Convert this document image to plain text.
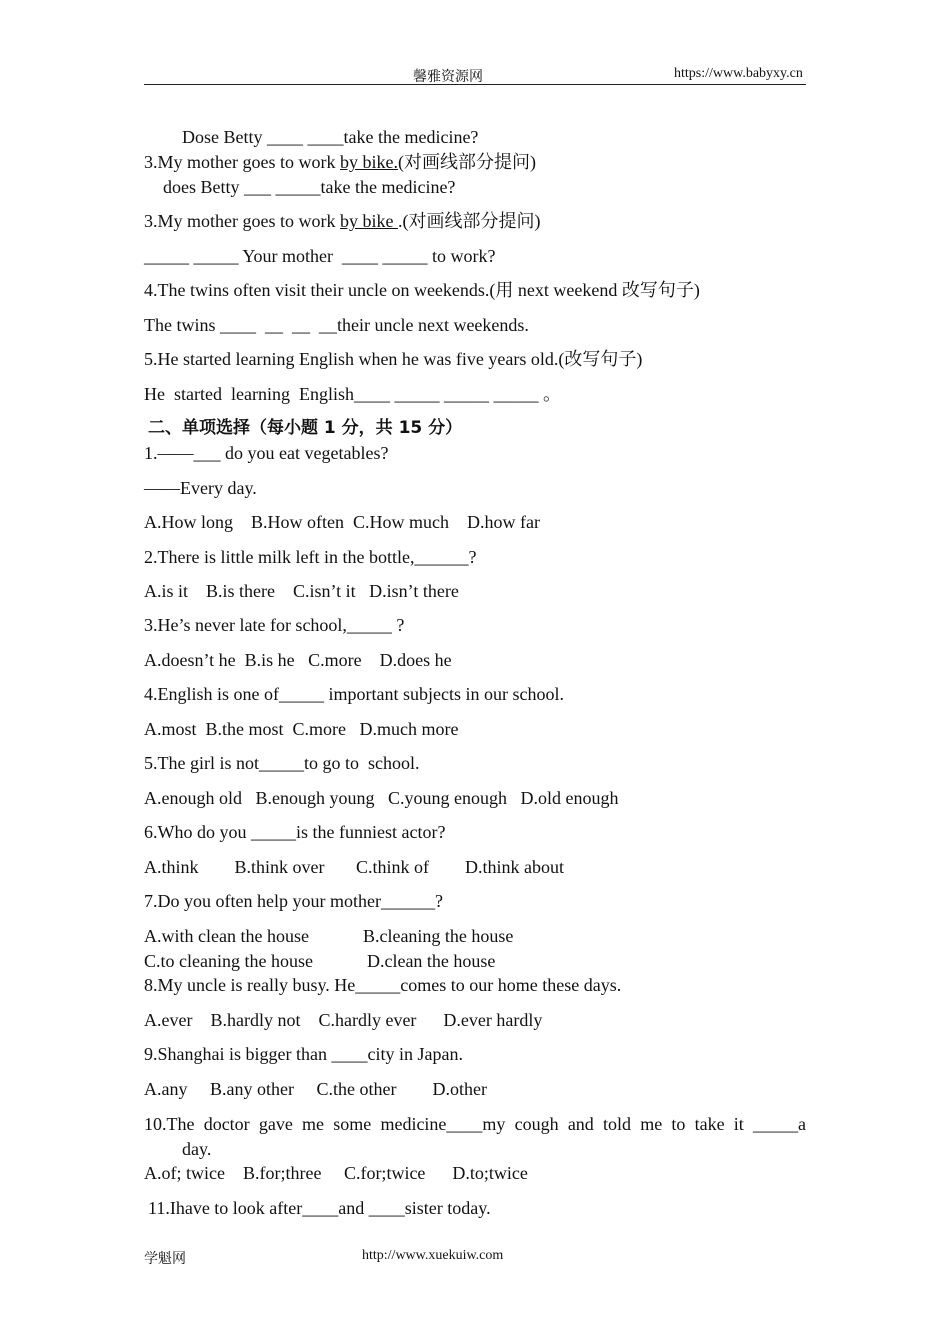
馨雅资源网	https://www.babyxy.cn
Dose Betty ____ ____take the medicine?
3.My mother goes to work by bike.(对画线部分提问)
does Betty ___ _____take the medicine?
3.My mother goes to work by bike .(对画线部分提问)
_____ _____ Your mother  ____ _____ to work?
4.The twins often visit their uncle on weekends.(用 next weekend 改写句子)
The twins ____  __  __  __their uncle next weekends.
5.He started learning English when he was five years old.(改写句子)
He  started  learning  English____ _____ _____ _____ 。
二、单项选择（每小题 1 分，共 15 分）
1.——___ do you eat vegetables?
——Every day.
A.How long    B.How often  C.How much    D.how far
2.There is little milk left in the bottle,______?
A.is it    B.is there    C.isn’t it   D.isn’t there
3.He’s never late for school,_____ ?
A.doesn’t he  B.is he   C.more    D.does he
4.English is one of_____ important subjects in our school.
A.most  B.the most  C.more   D.much more
5.The girl is not_____to go to  school.
A.enough old   B.enough young   C.young enough   D.old enough
6.Who do you _____is the funniest actor?
A.think        B.think over       C.think of        D.think about
7.Do you often help your mother______?
A.with clean the house            B.cleaning the house
C.to cleaning the house            D.clean the house
8.My uncle is really busy. He_____comes to our home these days.
A.ever    B.hardly not    C.hardly ever      D.ever hardly
9.Shanghai is bigger than ____city in Japan.
A.any     B.any other     C.the other        D.other
10.The doctor gave me some medicine____my cough and told me to take it _____a
day.
A.of; twice    B.for;three     C.for;twice      D.to;twice
11.Ihave to look after____and ____sister today.
学魁网	http://www.xuekuiw.com
